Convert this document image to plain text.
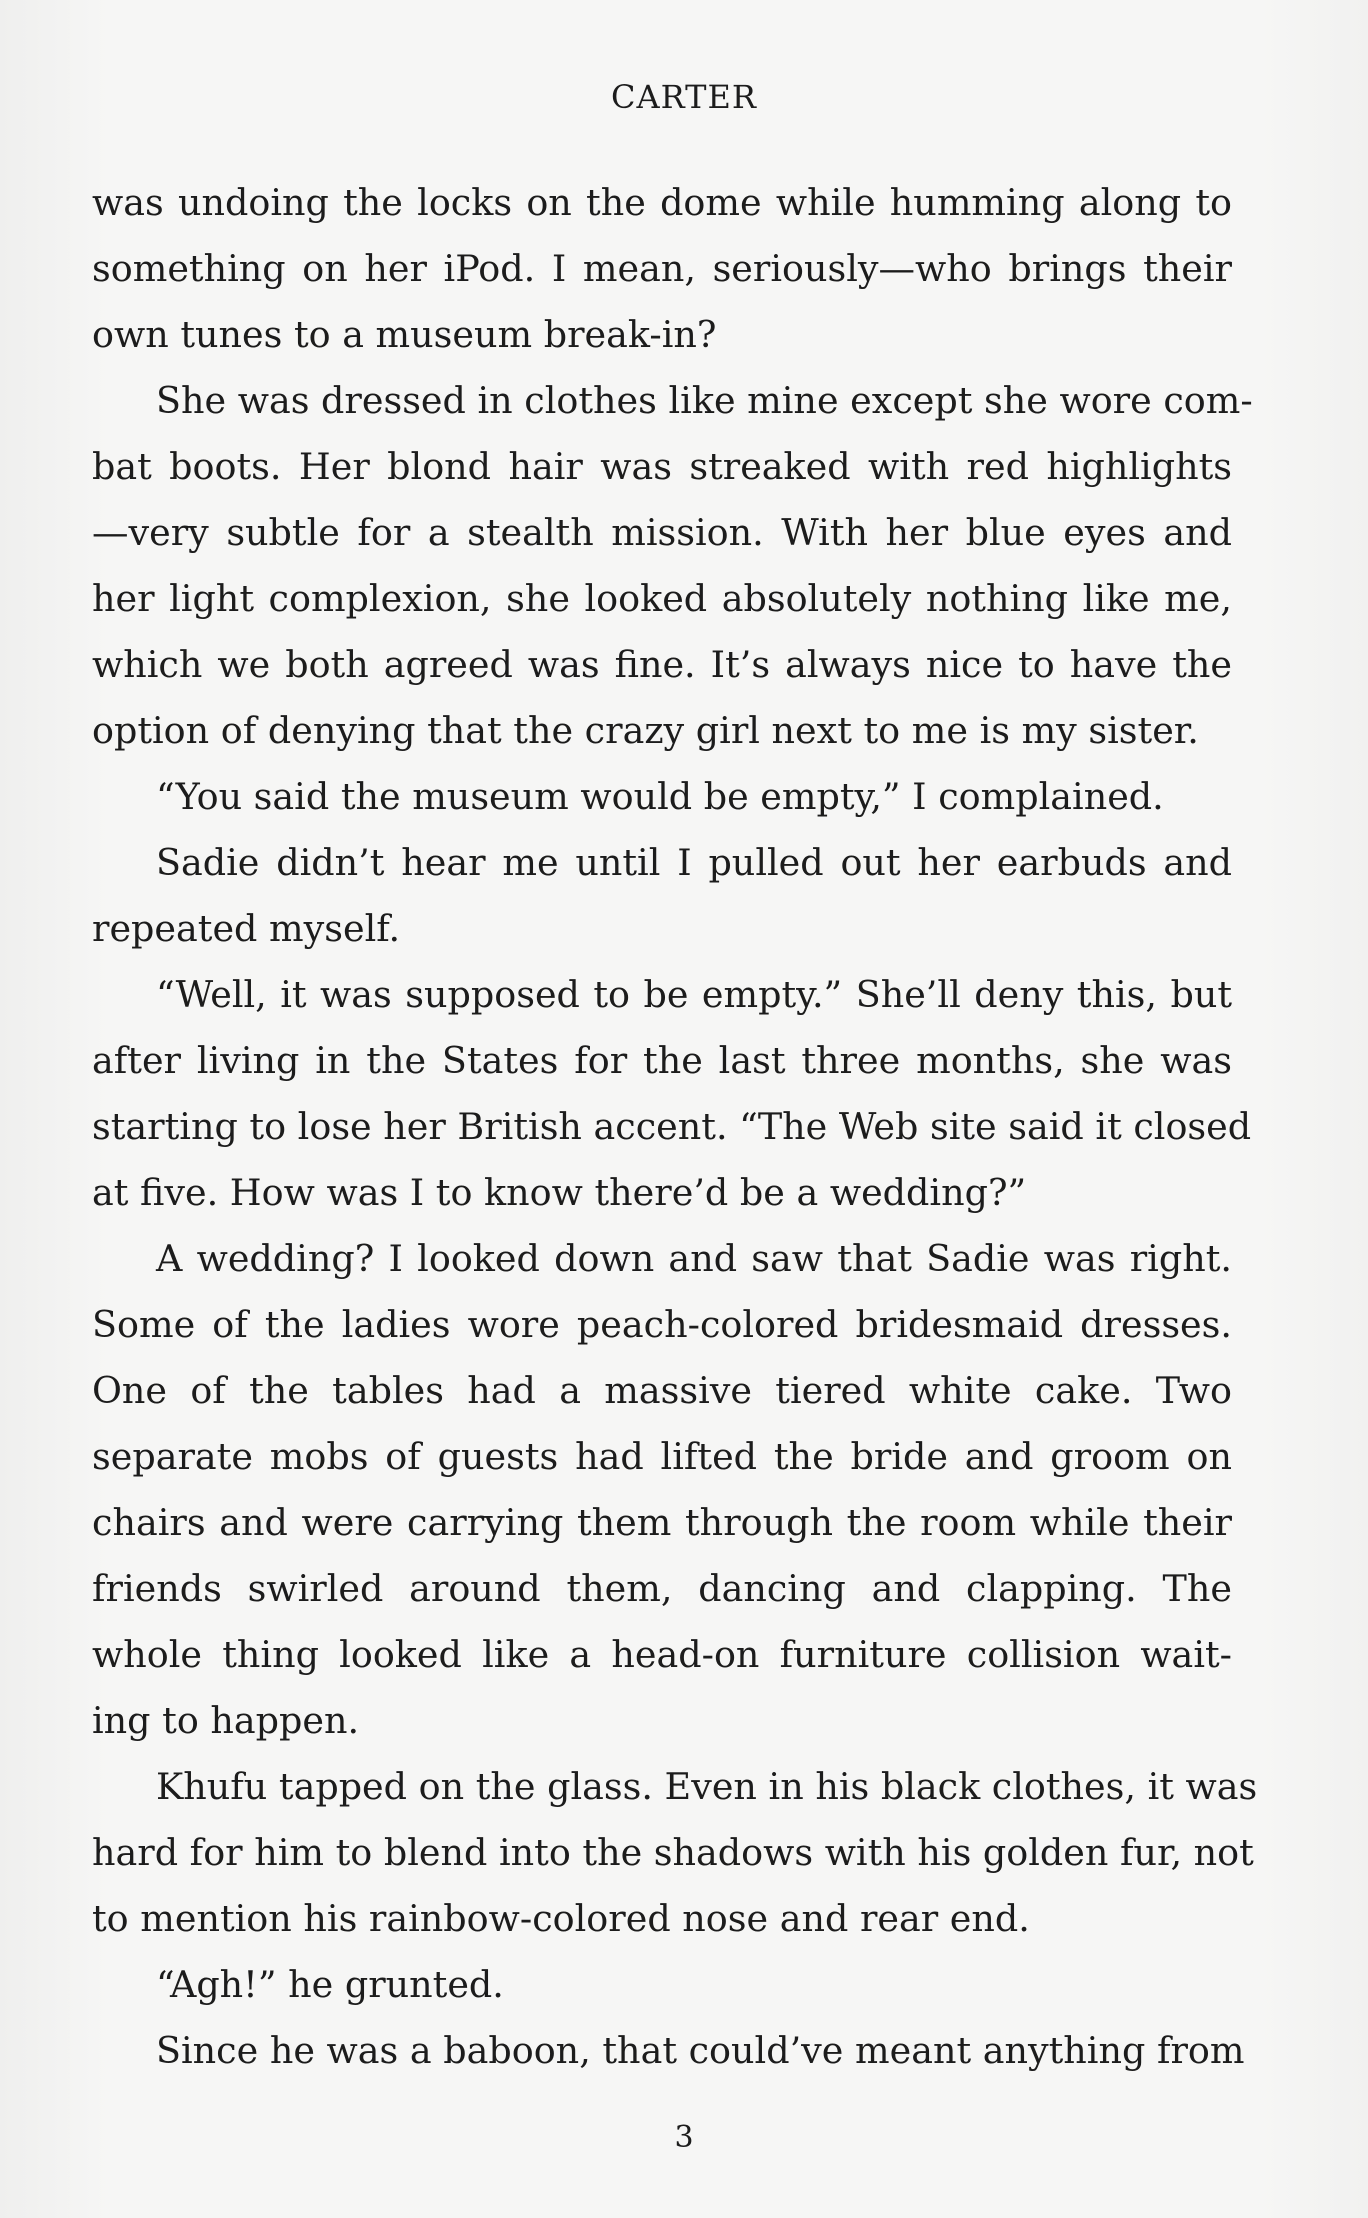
CARTER
was undoing the locks on the dome while humming along to
something on her iPod. I mean, seriously—who brings their
own tunes to a museum break-in?
She was dressed in clothes like mine except she wore com-
bat boots. Her blond hair was streaked with red highlights
—very subtle for a stealth mission. With her blue eyes and
her light complexion, she looked absolutely nothing like me,
which we both agreed was fine. It’s always nice to have the
option of denying that the crazy girl next to me is my sister.
“You said the museum would be empty,” I complained.
Sadie didn’t hear me until I pulled out her earbuds and
repeated myself.
“Well, it was supposed to be empty.” She’ll deny this, but
after living in the States for the last three months, she was
starting to lose her British accent. “The Web site said it closed
at five. How was I to know there’d be a wedding?”
A wedding? I looked down and saw that Sadie was right.
Some of the ladies wore peach-colored bridesmaid dresses.
One of the tables had a massive tiered white cake. Two
separate mobs of guests had lifted the bride and groom on
chairs and were carrying them through the room while their
friends swirled around them, dancing and clapping. The
whole thing looked like a head-on furniture collision wait-
ing to happen.
Khufu tapped on the glass. Even in his black clothes, it was
hard for him to blend into the shadows with his golden fur, not
to mention his rainbow-colored nose and rear end.
“Agh!” he grunted.
Since he was a baboon, that could’ve meant anything from
3
